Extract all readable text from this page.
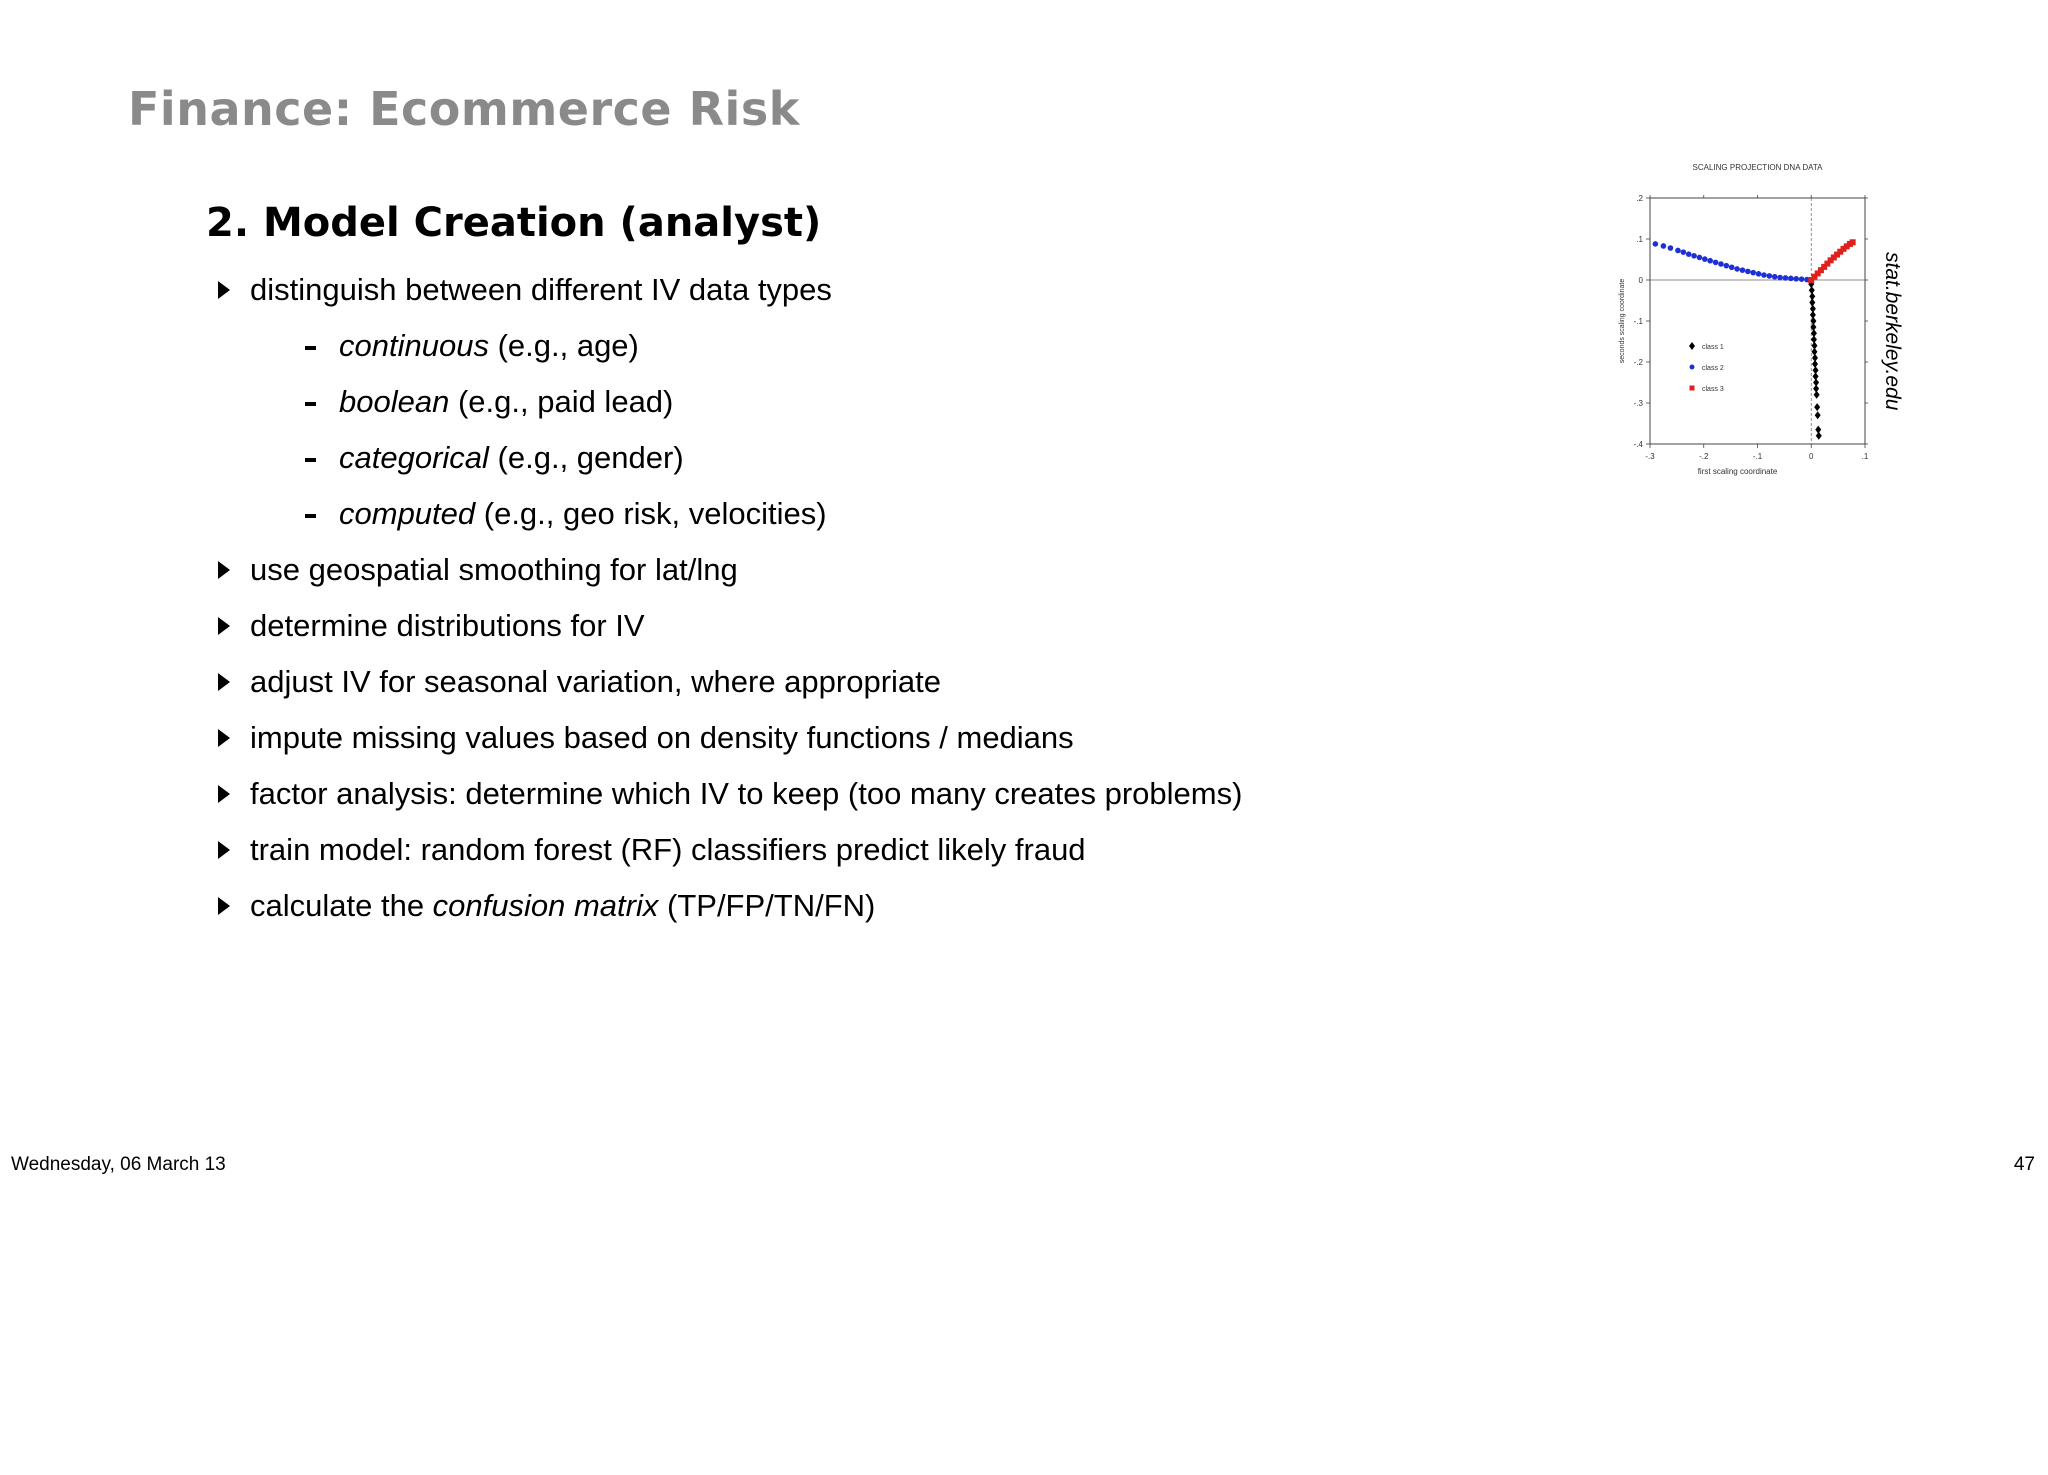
Finance: Ecommerce Risk
2. Model Creation (analyst)
distinguish between different IV data types
continuous (e.g., age)
boolean (e.g., paid lead)
categorical (e.g., gender)
computed (e.g., geo risk, velocities)
use geospatial smoothing for lat/lng
determine distributions for IV
adjust IV for seasonal variation, where appropriate
impute missing values based on density functions / medians
factor analysis: determine which IV to keep (too many creates problems)
train model: random forest (RF) classifiers predict likely fraud
calculate the confusion matrix (TP/FP/TN/FN)
SCALING PROJECTION DNA DATA
-.3	-.2	-.1	0	.1
.2
.1
0
-.1
-.2
-.3
-.4
first scaling coordinate
seconds scaling coordinate	class 1
class 2
class 3	stat.berkeley.edu
Wednesday, 06 March 13	47
